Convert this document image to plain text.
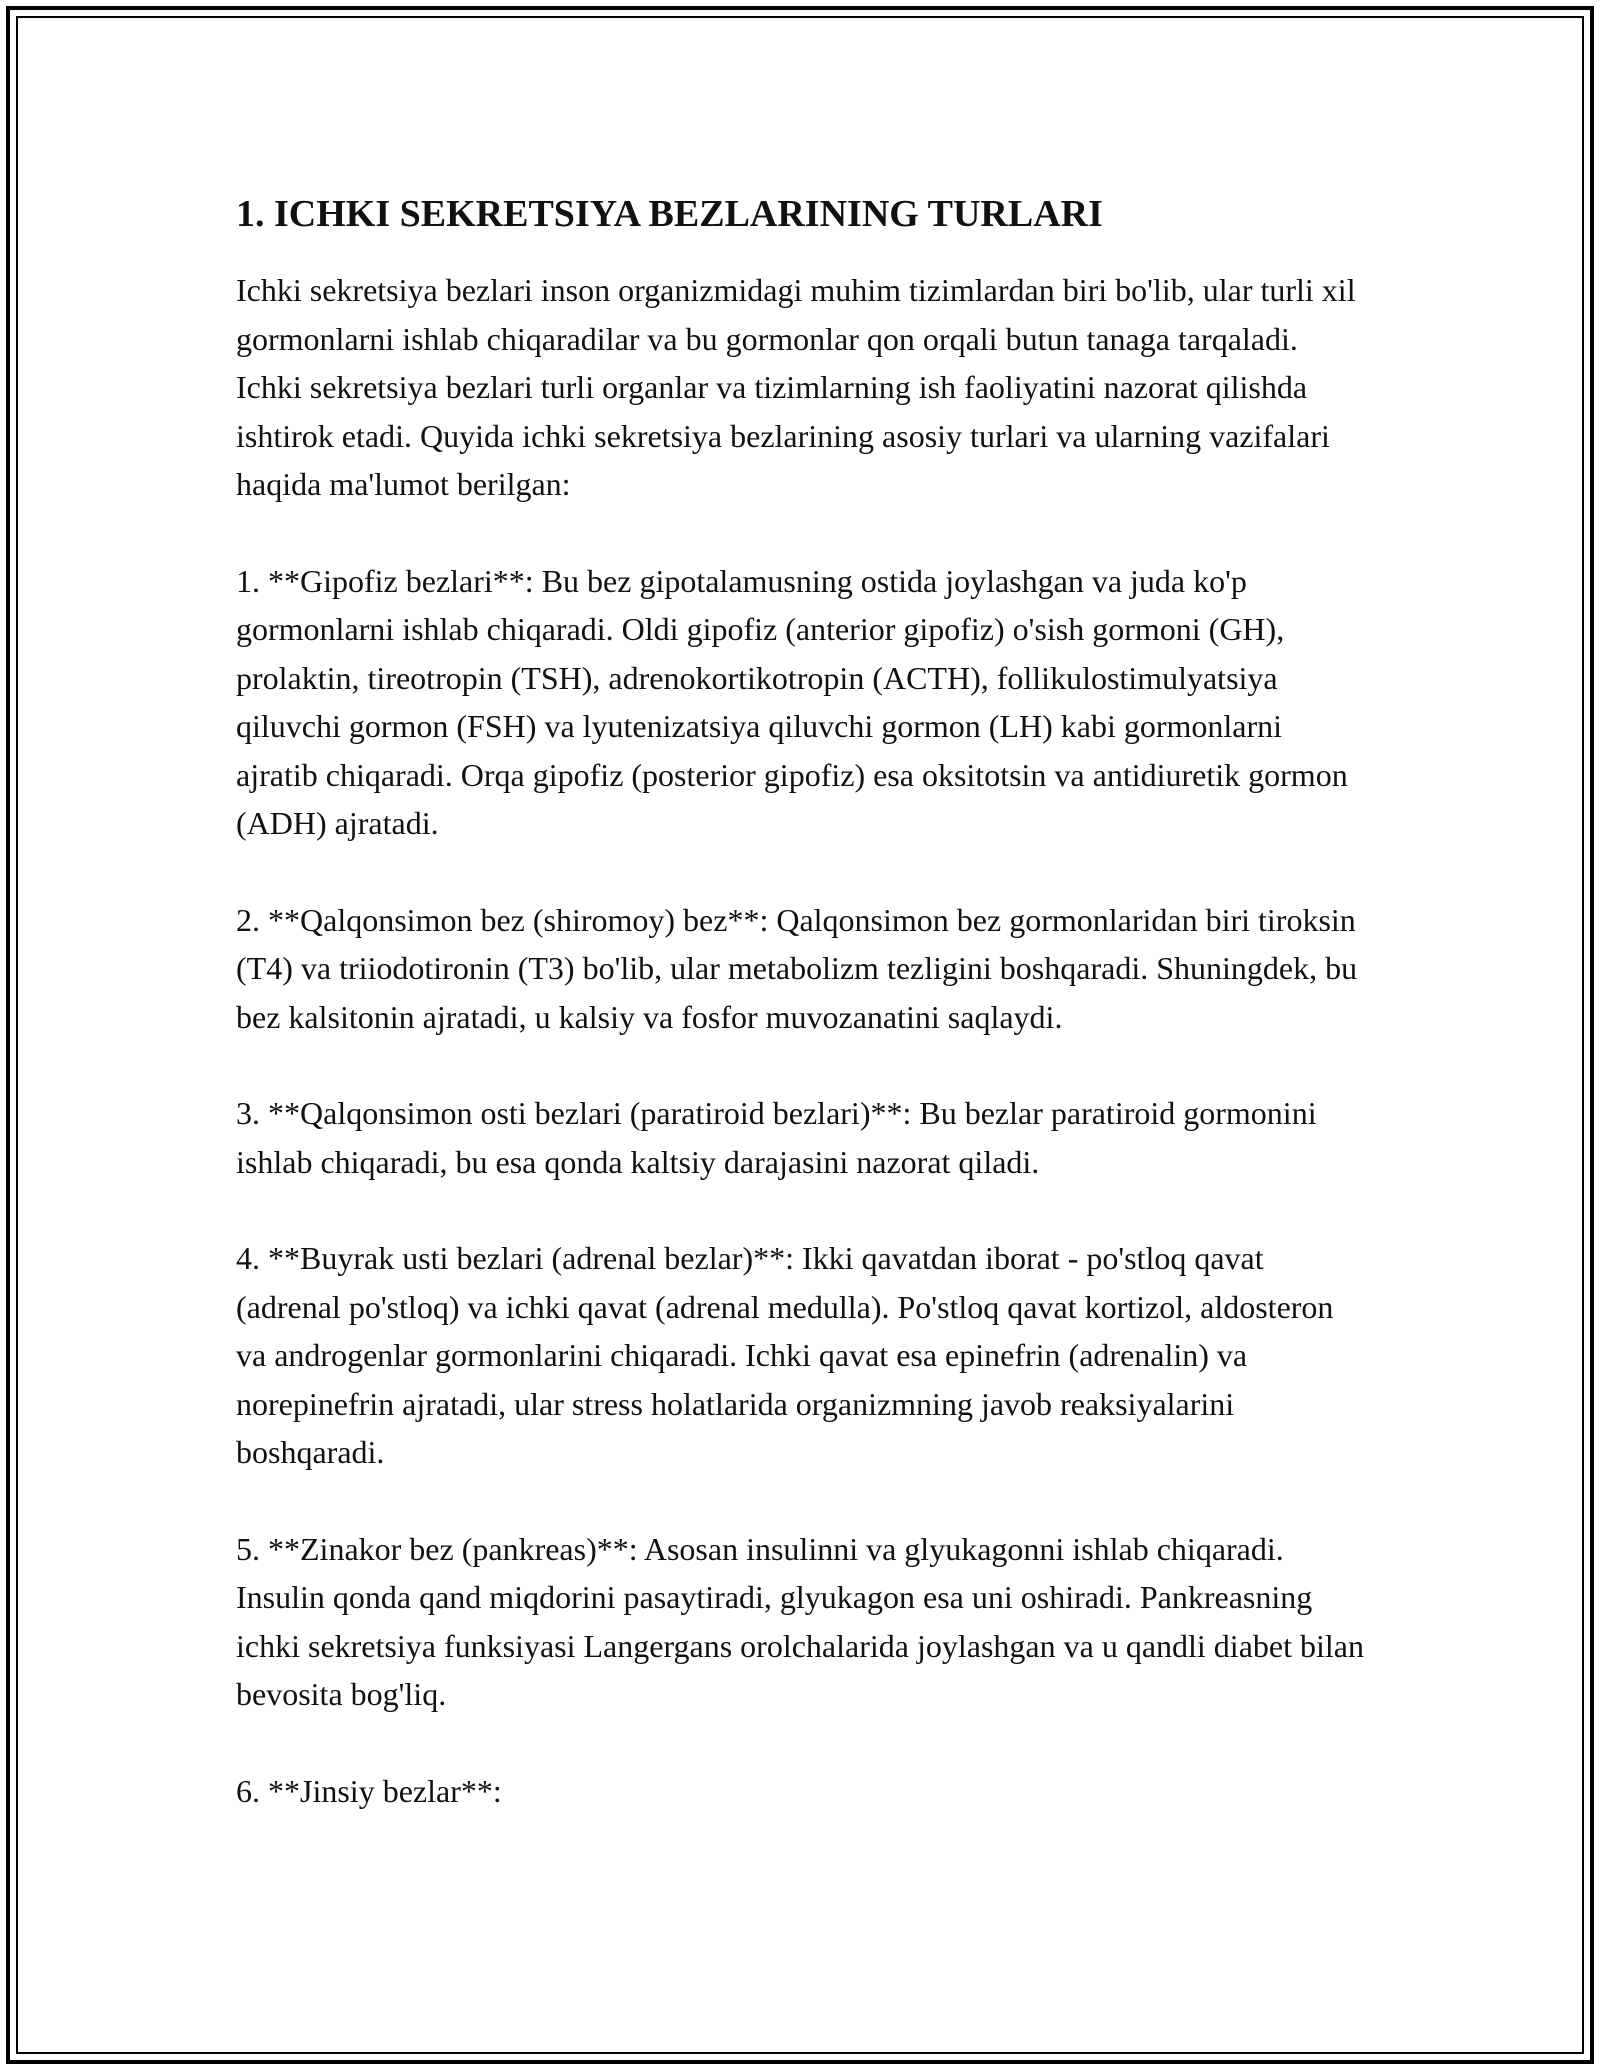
1. ICHKI SEKRETSIYA BEZLARINING TURLARI

Ichki sekretsiya bezlari inson organizmidagi muhim tizimlardan biri bo'lib, ular turli xil gormonlarni ishlab chiqaradilar va bu gormonlar qon orqali butun tanaga tarqaladi. Ichki sekretsiya bezlari turli organlar va tizimlarning ish faoliyatini nazorat qilishda ishtirok etadi. Quyida ichki sekretsiya bezlarining asosiy turlari va ularning vazifalari haqida ma'lumot berilgan:

1. **Gipofiz bezlari**: Bu bez gipotalamusning ostida joylashgan va juda ko'p gormonlarni ishlab chiqaradi. Oldi gipofiz (anterior gipofiz) o'sish gormoni (GH), prolaktin, tireotropin (TSH), adrenokortikotropin (ACTH), follikulostimulyatsiya qiluvchi gormon (FSH) va lyutenizatsiya qiluvchi gormon (LH) kabi gormonlarni ajratib chiqaradi. Orqa gipofiz (posterior gipofiz) esa oksitotsin va antidiuretik gormon (ADH) ajratadi.

2. **Qalqonsimon bez (shiromoy) bez**: Qalqonsimon bez gormonlaridan biri tiroksin (T4) va triiodotironin (T3) bo'lib, ular metabolizm tezligini boshqaradi. Shuningdek, bu bez kalsitonin ajratadi, u kalsiy va fosfor muvozanatini saqlaydi.

3. **Qalqonsimon osti bezlari (paratiroid bezlari)**: Bu bezlar paratiroid gormonini ishlab chiqaradi, bu esa qonda kaltsiy darajasini nazorat qiladi.

4. **Buyrak usti bezlari (adrenal bezlar)**: Ikki qavatdan iborat - po'stloq qavat (adrenal po'stloq) va ichki qavat (adrenal medulla). Po'stloq qavat kortizol, aldosteron va androgenlar gormonlarini chiqaradi. Ichki qavat esa epinefrin (adrenalin) va norepinefrin ajratadi, ular stress holatlarida organizmning javob reaksiyalarini boshqaradi.

5. **Zinakor bez (pankreas)**: Asosan insulinni va glyukagonni ishlab chiqaradi. Insulin qonda qand miqdorini pasaytiradi, glyukagon esa uni oshiradi. Pankreasning ichki sekretsiya funksiyasi Langergans orolchalarida joylashgan va u qandli diabet bilan bevosita bog'liq.

6. **Jinsiy bezlar**:
